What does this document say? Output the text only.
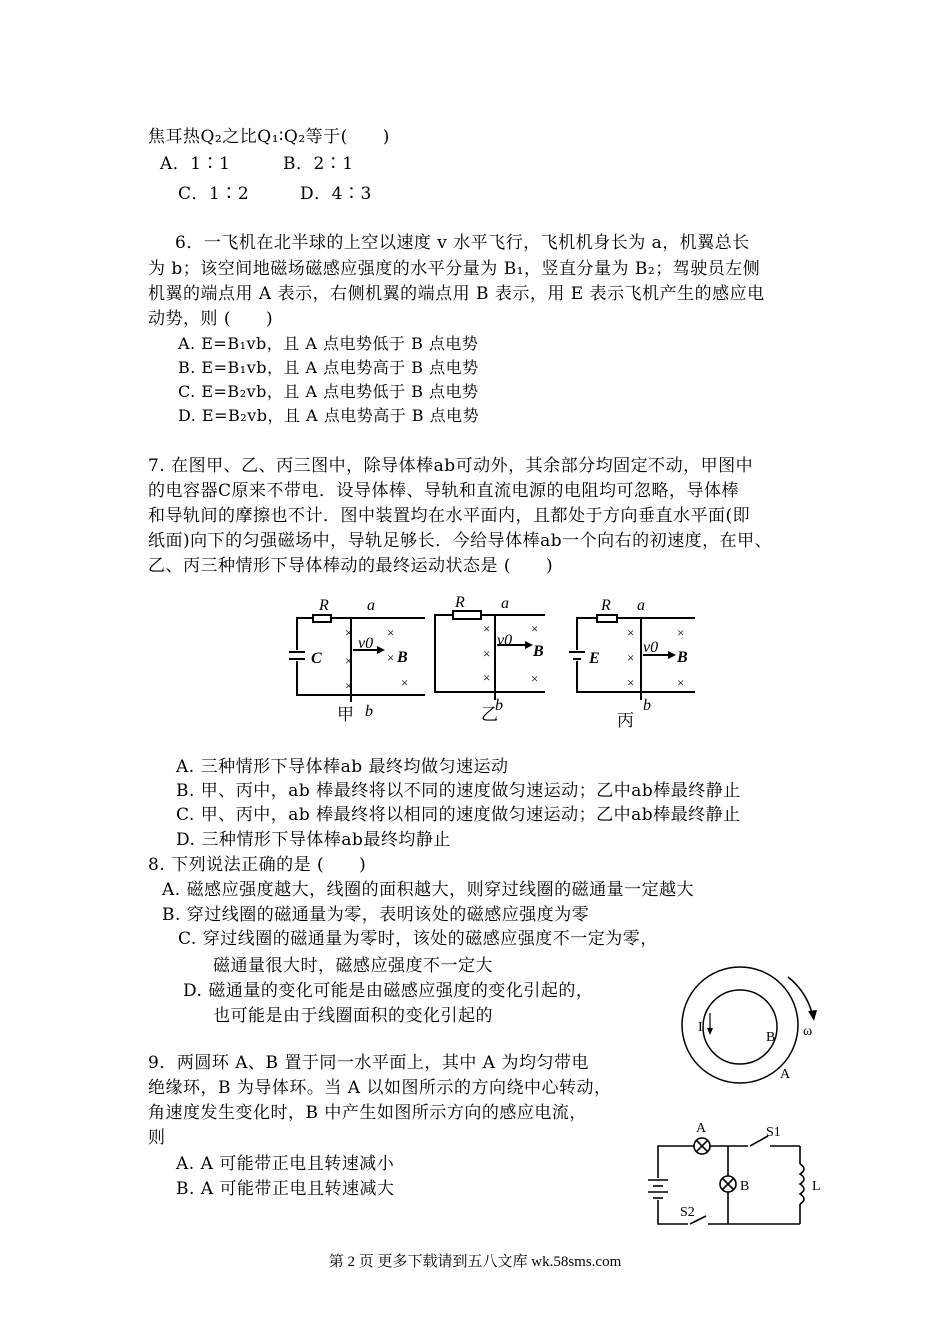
焦耳热Q₂之比Q₁∶Q₂等于(　　)
A．1∶1	B．2∶1
C．1∶2	D．4∶3
6．一飞机在北半球的上空以速度 v 水平飞行，飞机机身长为 a，机翼总长
为 b；该空间地磁场磁感应强度的水平分量为 B₁，竖直分量为 B₂；驾驶员左侧
机翼的端点用 A 表示，右侧机翼的端点用 B 表示，用 E 表示飞机产生的感应电
动势，则 (　　)
A. E=B₁vb，且 A 点电势低于 B 点电势
B. E=B₁vb，且 A 点电势高于 B 点电势
C. E=B₂vb，且 A 点电势低于 B 点电势
D. E=B₂vb，且 A 点电势高于 B 点电势
7. 在图甲、乙、丙三图中，除导体棒ab可动外，其余部分均固定不动，甲图中
的电容器C原来不带电．设导体棒、导轨和直流电源的电阻均可忽略，导体棒
和导轨间的摩擦也不计．图中装置均在水平面内，且都处于方向垂直水平面(即
纸面)向下的匀强磁场中，导轨足够长．今给导体棒ab一个向右的初速度，在甲、
乙、丙三种情形下导体棒动的最终运动状态是 (　　)
R a
C
v0
B
b
甲
×
×
×
×
×
×
R a
v0
B
b
乙
×
×
×
×
×
R a
E
v0
B
b
丙
×
×
×
×
×
A. 三种情形下导体棒ab 最终均做匀速运动
B. 甲、丙中，ab 棒最终将以不同的速度做匀速运动；乙中ab棒最终静止
C. 甲、丙中，ab 棒最终将以相同的速度做匀速运动；乙中ab棒最终静止
D. 三种情形下导体棒ab最终均静止
8. 下列说法正确的是 (　　)
A. 磁感应强度越大，线圈的面积越大，则穿过线圈的磁通量一定越大
B. 穿过线圈的磁通量为零，表明该处的磁感应强度为零
C. 穿过线圈的磁通量为零时，该处的磁感应强度不一定为零，
磁通量很大时，磁感应强度不一定大
D. 磁通量的变化可能是由磁感应强度的变化引起的，
也可能是由于线圈面积的变化引起的
I
B
A
ω
9．两圆环 A、B 置于同一水平面上，其中 A 为均匀带电
绝缘环，B 为导体环。当 A 以如图所示的方向绕中心转动，
角速度发生变化时，B 中产生如图所示方向的感应电流，
则
A. A 可能带正电且转速减小
B. A 可能带正电且转速减大
A
B
S1
S2
L
第 2 页 更多下载请到五八文库 wk.58sms.com
